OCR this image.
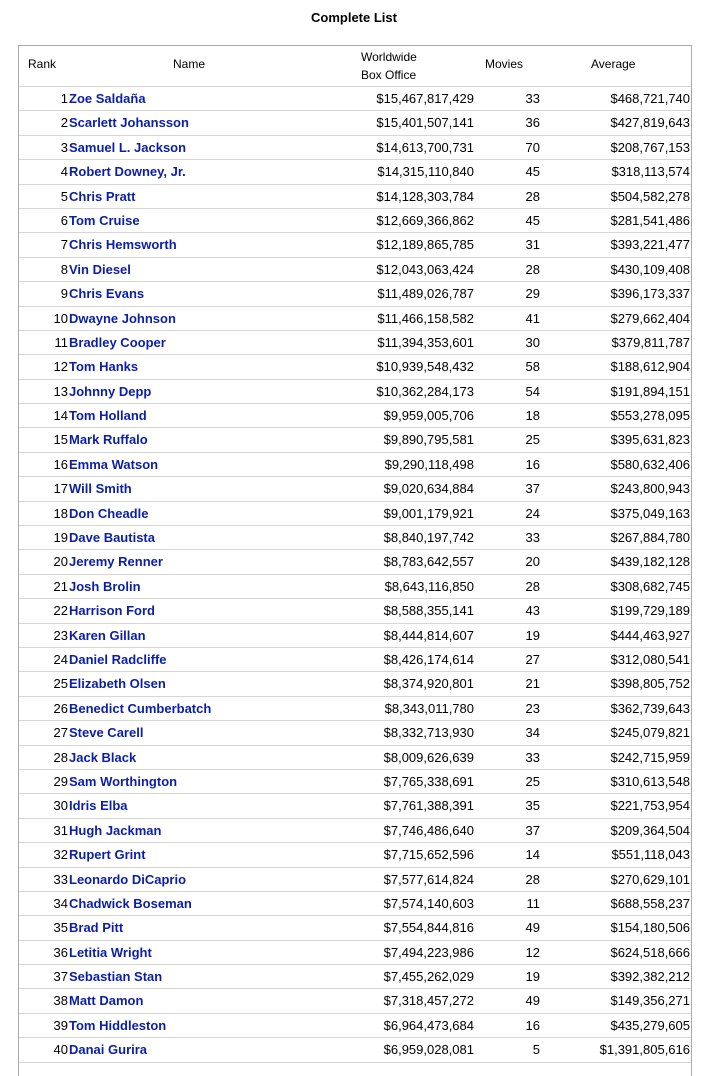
Complete List
Rank	Name	Worldwide
Box Office
Movies	Average
1 Zoe Saldaña	$15,467,817,429	33	$468,721,740
2 Scarlett Johansson	$15,401,507,141	36	$427,819,643
3 Samuel L. Jackson	$14,613,700,731	70	$208,767,153
4 Robert Downey, Jr.	$14,315,110,840	45	$318,113,574
5 Chris Pratt	$14,128,303,784	28	$504,582,278
6 Tom Cruise	$12,669,366,862	45	$281,541,486
7 Chris Hemsworth	$12,189,865,785	31	$393,221,477
8 Vin Diesel	$12,043,063,424	28	$430,109,408
9 Chris Evans	$11,489,026,787	29	$396,173,337
10 Dwayne Johnson	$11,466,158,582	41	$279,662,404
11 Bradley Cooper	$11,394,353,601	30	$379,811,787
12 Tom Hanks	$10,939,548,432	58	$188,612,904
13 Johnny Depp	$10,362,284,173	54	$191,894,151
14 Tom Holland	$9,959,005,706	18	$553,278,095
15 Mark Ruffalo	$9,890,795,581	25	$395,631,823
16 Emma Watson	$9,290,118,498	16	$580,632,406
17 Will Smith	$9,020,634,884	37	$243,800,943
18 Don Cheadle	$9,001,179,921	24	$375,049,163
19 Dave Bautista	$8,840,197,742	33	$267,884,780
20 Jeremy Renner	$8,783,642,557	20	$439,182,128
21 Josh Brolin	$8,643,116,850	28	$308,682,745
22 Harrison Ford	$8,588,355,141	43	$199,729,189
23 Karen Gillan	$8,444,814,607	19	$444,463,927
24 Daniel Radcliffe	$8,426,174,614	27	$312,080,541
25 Elizabeth Olsen	$8,374,920,801	21	$398,805,752
26 Benedict Cumberbatch	$8,343,011,780	23	$362,739,643
27 Steve Carell	$8,332,713,930	34	$245,079,821
28 Jack Black	$8,009,626,639	33	$242,715,959
29 Sam Worthington	$7,765,338,691	25	$310,613,548
30 Idris Elba	$7,761,388,391	35	$221,753,954
31 Hugh Jackman	$7,746,486,640	37	$209,364,504
32 Rupert Grint	$7,715,652,596	14	$551,118,043
33 Leonardo DiCaprio	$7,577,614,824	28	$270,629,101
34 Chadwick Boseman	$7,574,140,603	11	$688,558,237
35 Brad Pitt	$7,554,844,816	49	$154,180,506
36 Letitia Wright	$7,494,223,986	12	$624,518,666
37 Sebastian Stan	$7,455,262,029	19	$392,382,212
38 Matt Damon	$7,318,457,272	49	$149,356,271
39 Tom Hiddleston	$6,964,473,684	16	$435,279,605
40 Danai Gurira	$6,959,028,081	5	$1,391,805,616
